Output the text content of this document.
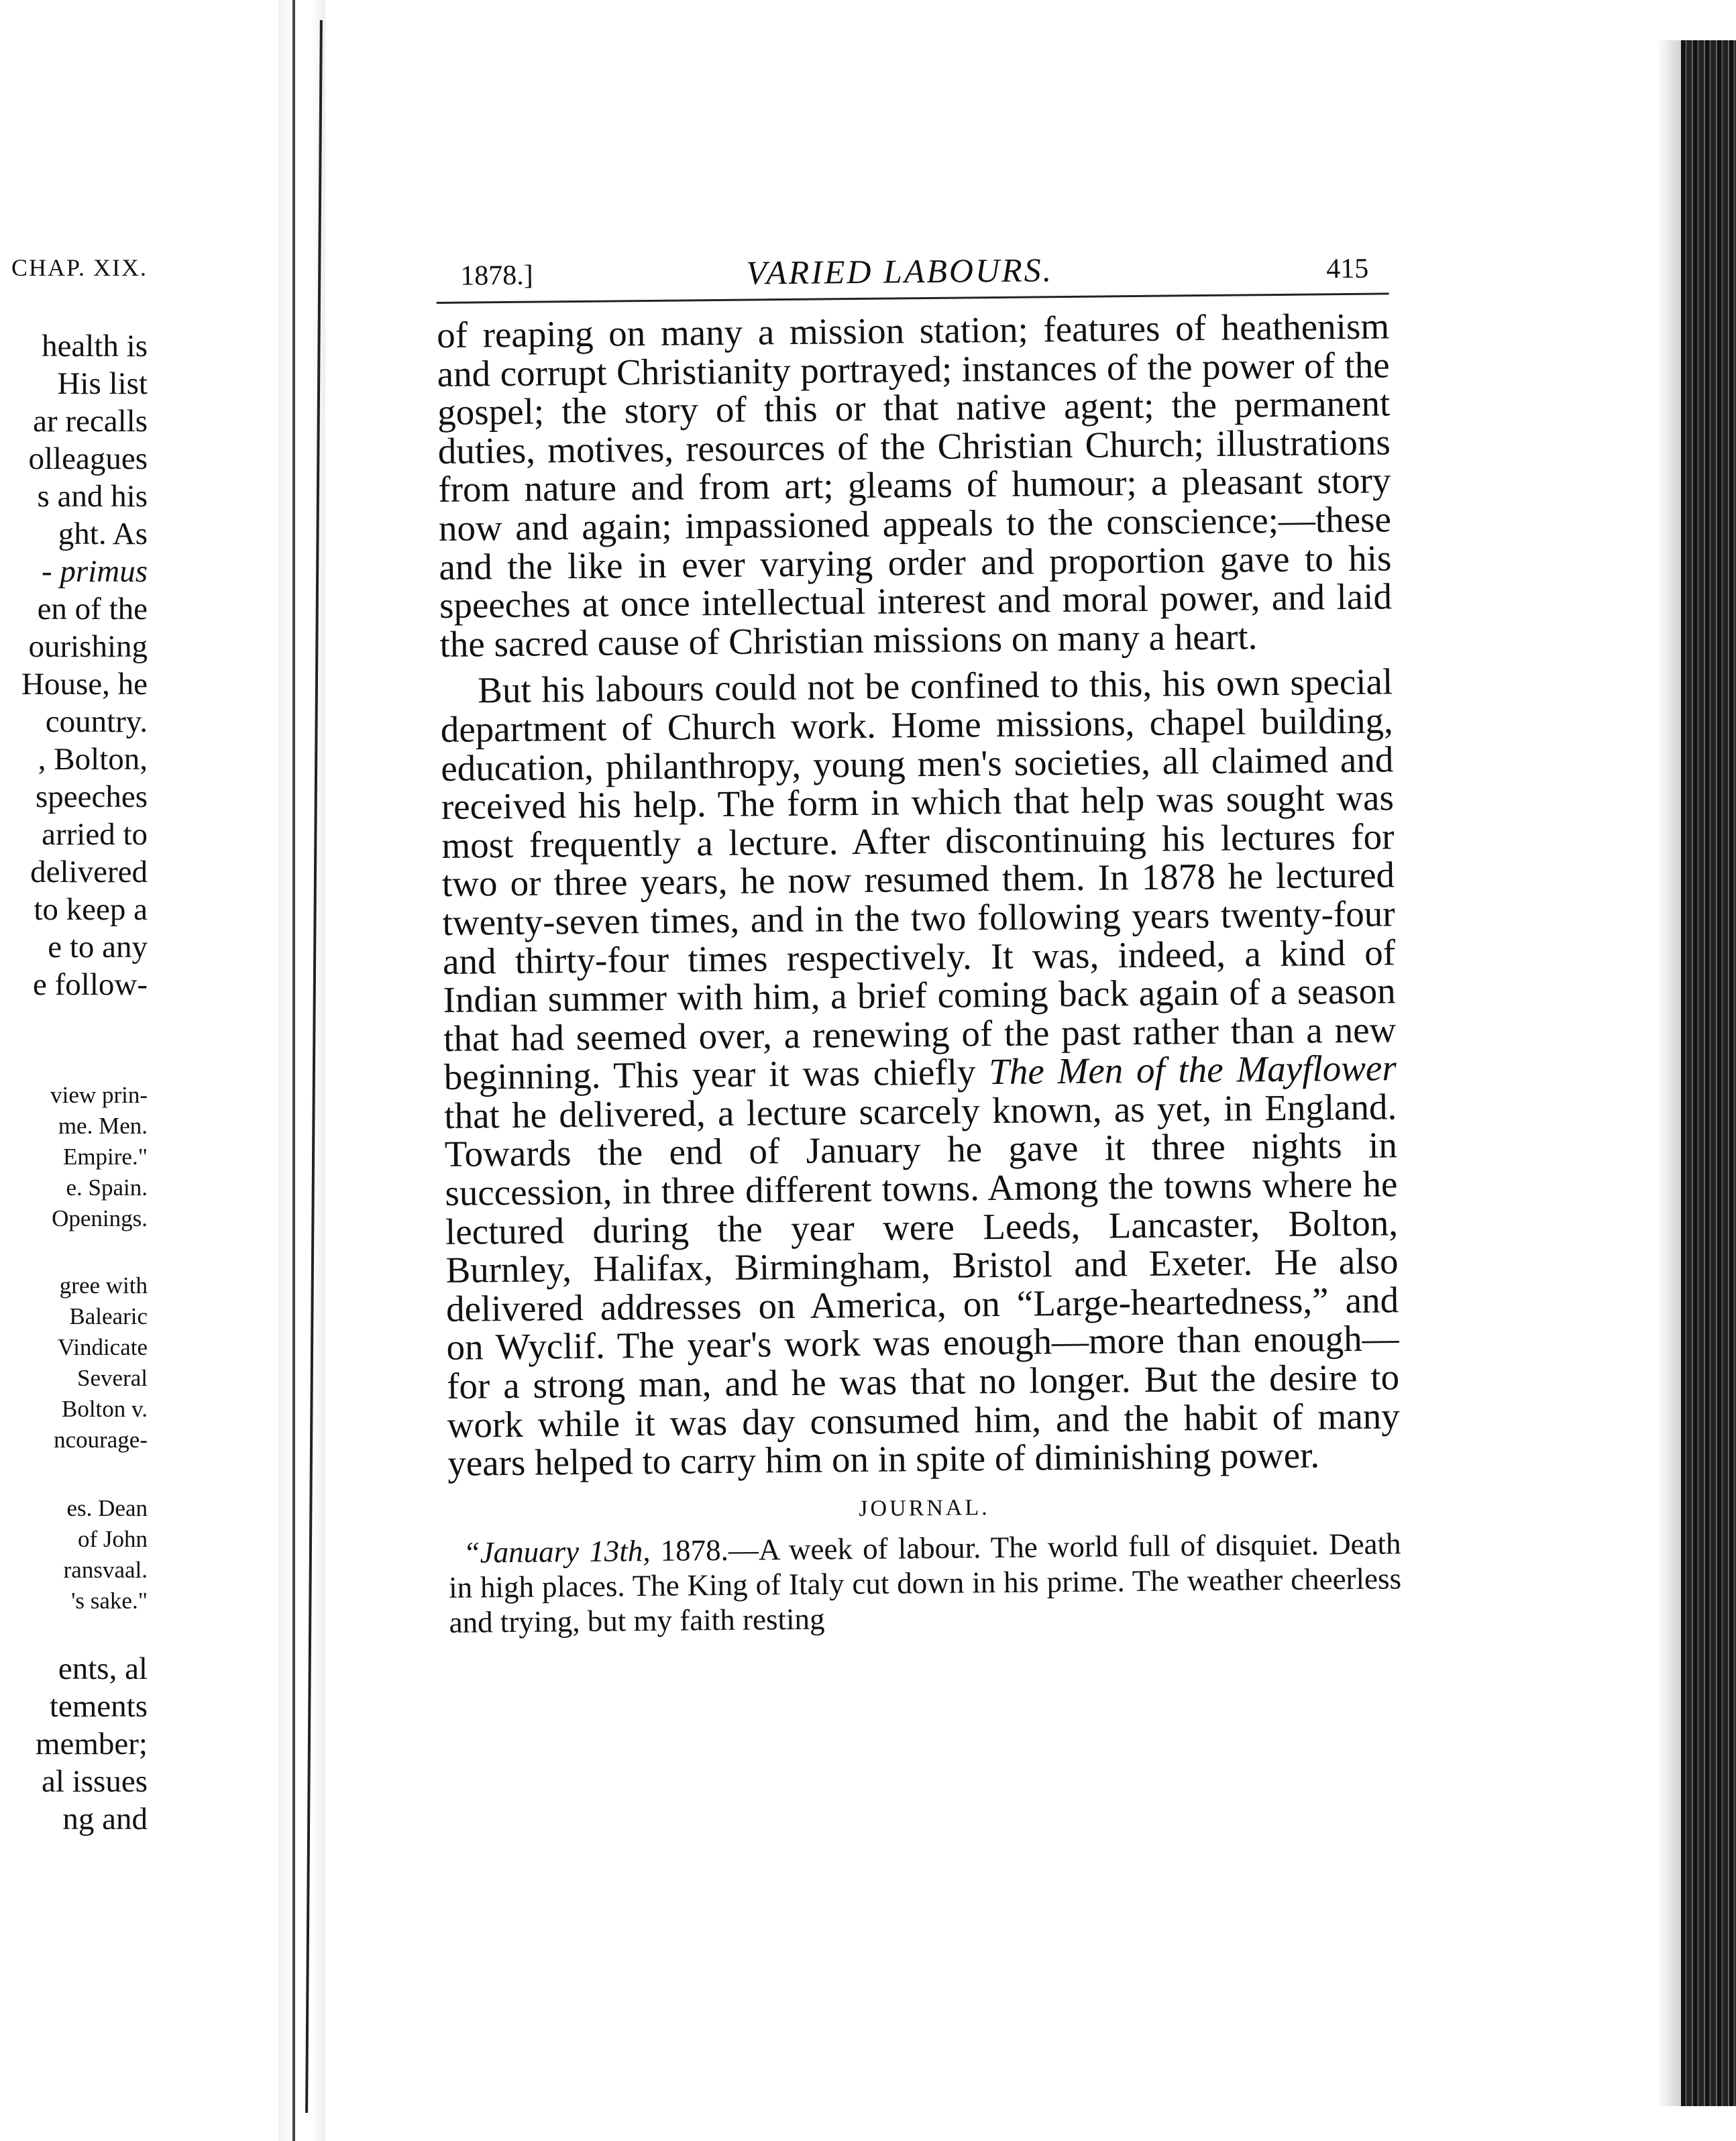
CHAP. XIX.
health is
His list
ar recalls
olleagues
s and his
ght. As
- primus
en of the
ourishing
House, he
country.
, Bolton,
speeches
arried to
delivered
to keep a
e to any
e follow-
view prin-
me. Men.
Empire."
e. Spain.
Openings.
gree with
Balearic
Vindicate
Several
Bolton v.
ncourage-
es. Dean
of John
ransvaal.
's sake."
ents, al
tements
member;
al issues
ng and
1878.]	VARIED LABOURS.	415

of reaping on many a mission station; features of heathenism and corrupt Christianity portrayed; instances of the power of the gospel; the story of this or that native agent; the permanent duties, motives, resources of the Christian Church; illustrations from nature and from art; gleams of humour; a pleasant story now and again; impassioned appeals to the conscience;—these and the like in ever varying order and proportion gave to his speeches at once intellectual interest and moral power, and laid the sacred cause of Christian missions on many a heart.

But his labours could not be confined to this, his own special department of Church work. Home missions, chapel building, education, philanthropy, young men's societies, all claimed and received his help. The form in which that help was sought was most frequently a lecture. After discontinuing his lectures for two or three years, he now resumed them. In 1878 he lectured twenty-seven times, and in the two following years twenty-four and thirty-four times respectively. It was, indeed, a kind of Indian summer with him, a brief coming back again of a season that had seemed over, a renewing of the past rather than a new beginning. This year it was chiefly The Men of the Mayflower that he delivered, a lecture scarcely known, as yet, in England. Towards the end of January he gave it three nights in succession, in three different towns. Among the towns where he lectured during the year were Leeds, Lancaster, Bolton, Burnley, Halifax, Birmingham, Bristol and Exeter. He also delivered addresses on America, on “Large-heartedness,” and on Wyclif. The year's work was enough—more than enough—for a strong man, and he was that no longer. But the desire to work while it was day consumed him, and the habit of many years helped to carry him on in spite of diminishing power.

JOURNAL.
“January 13th, 1878.—A week of labour. The world full of disquiet. Death in high places. The King of Italy cut down in his prime. The weather cheerless and trying, but my faith resting
